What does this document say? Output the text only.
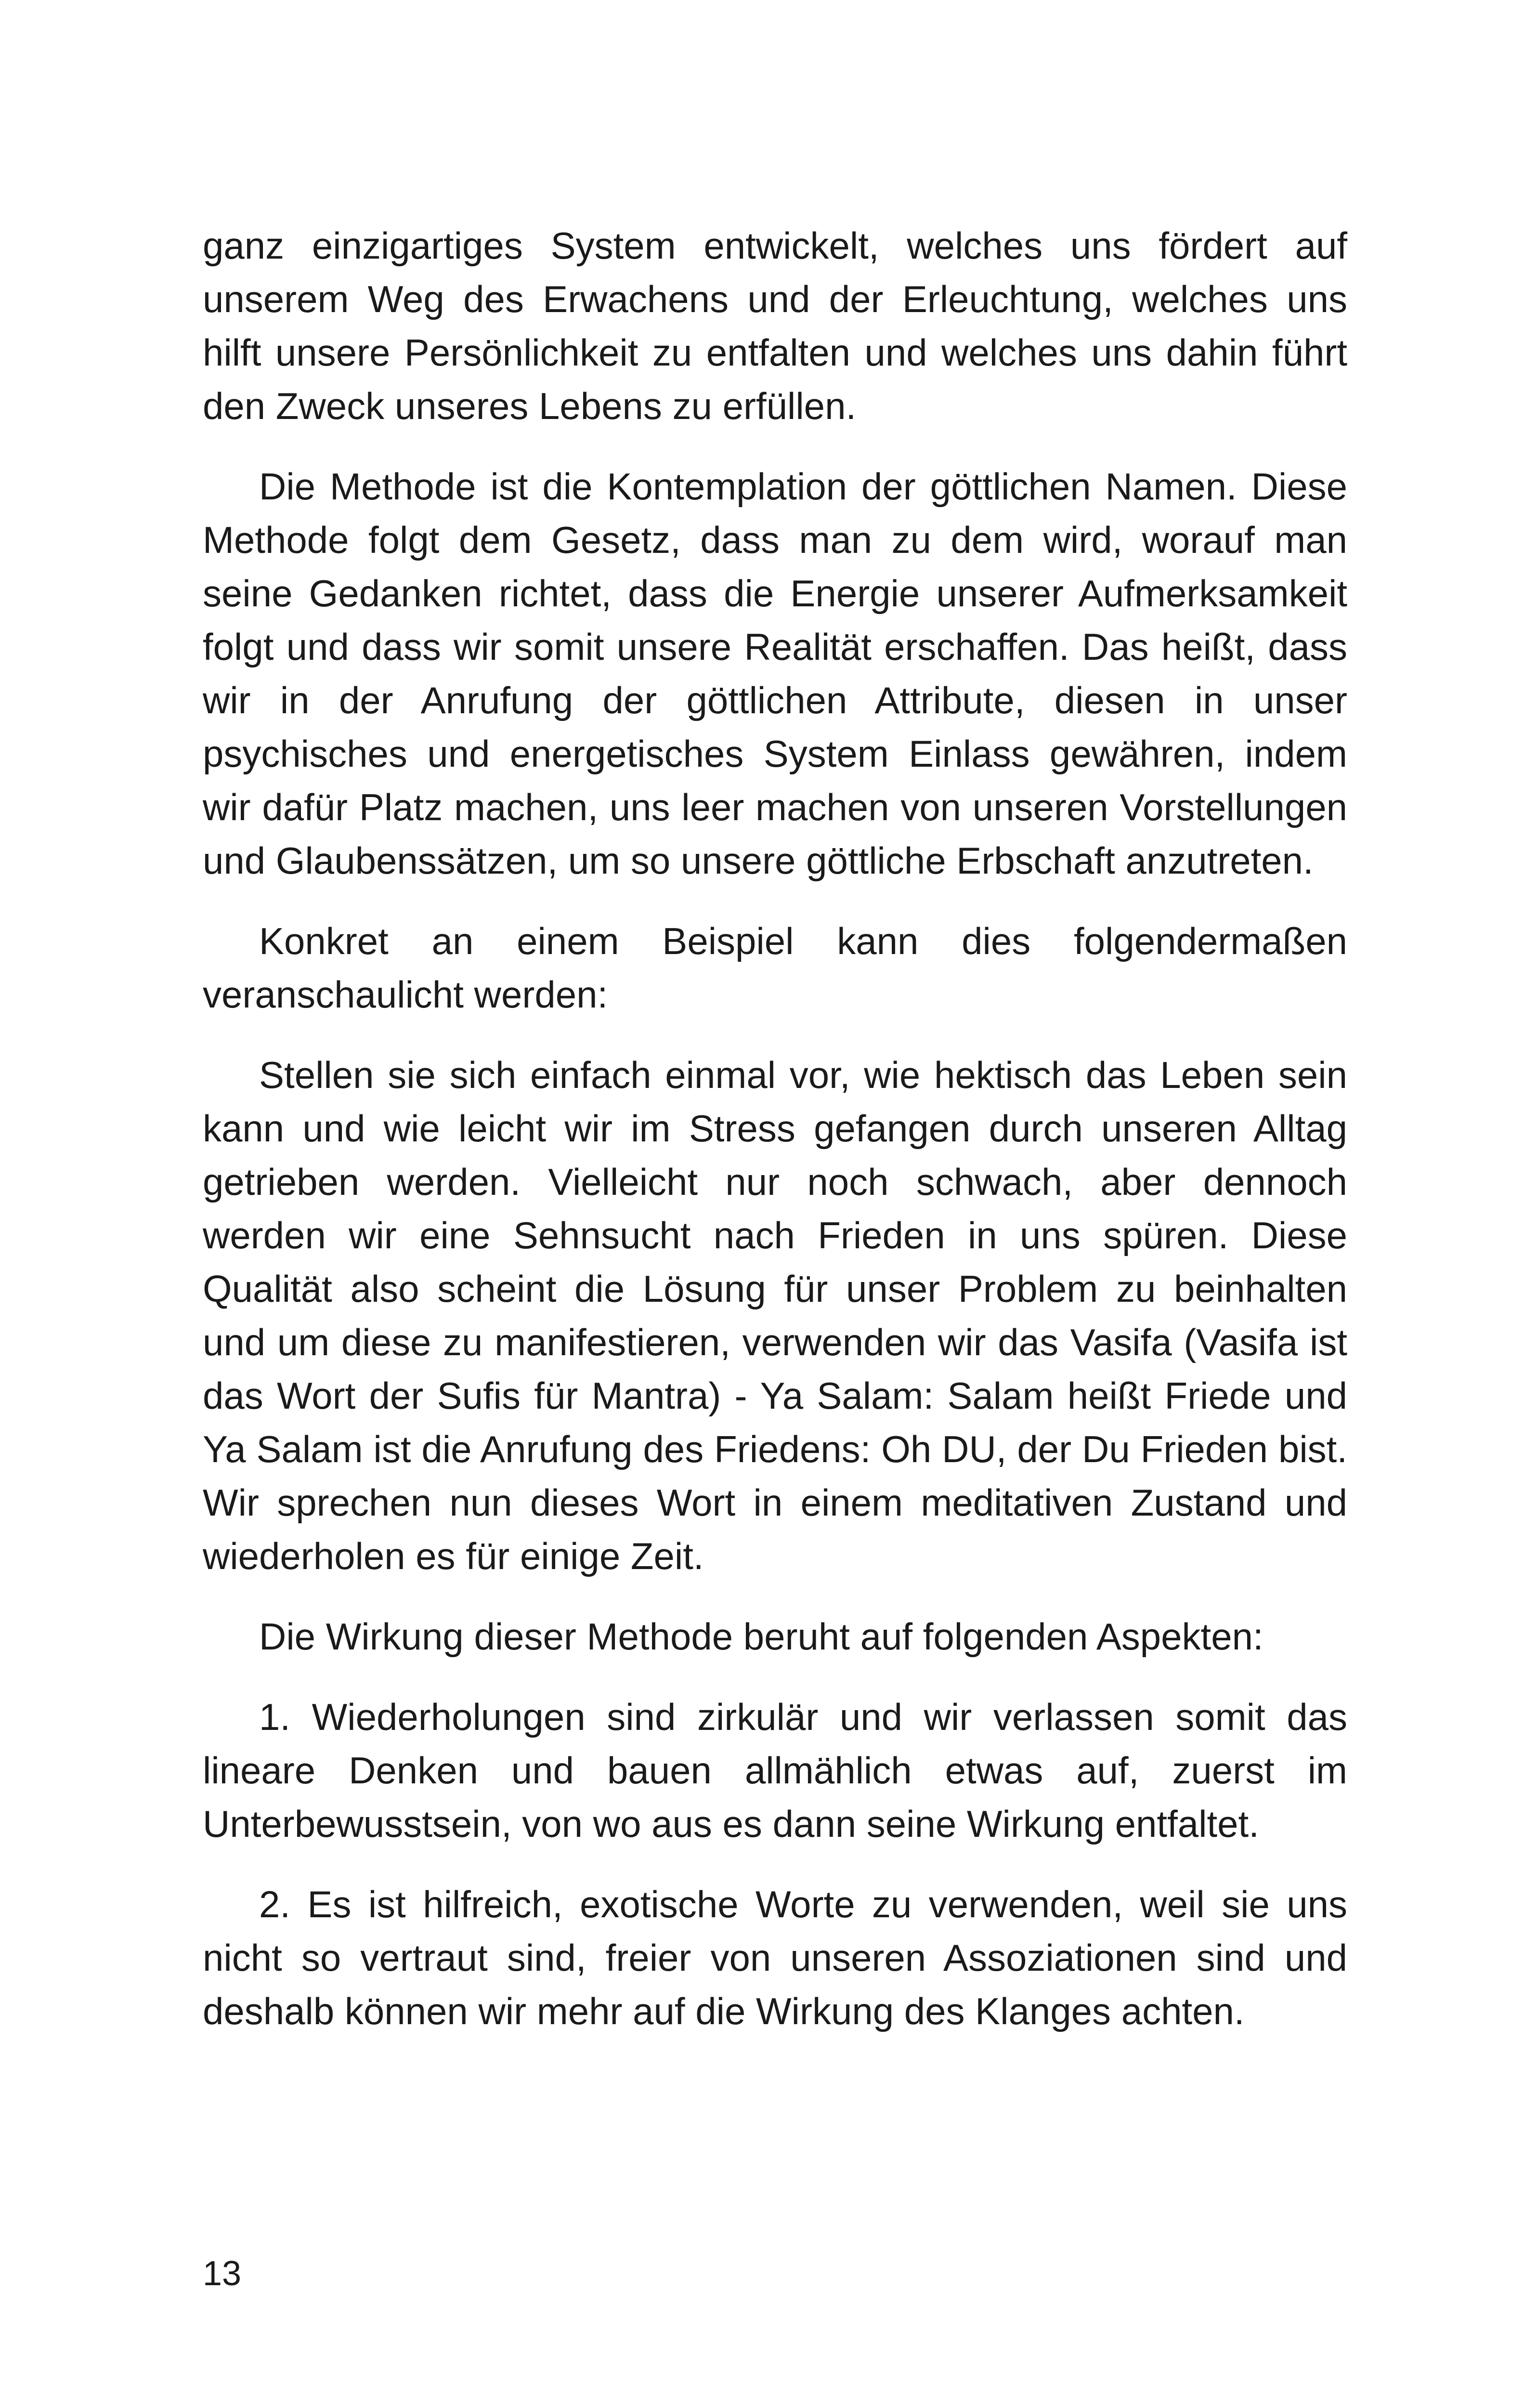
ganz einzigartiges System entwickelt, welches uns fördert auf unserem Weg des Erwachens und der Erleuchtung, welches uns hilft unsere Persönlichkeit zu entfalten und welches uns dahin führt den Zweck unseres Lebens zu erfüllen.

Die Methode ist die Kontemplation der göttlichen Namen. Diese Methode folgt dem Gesetz, dass man zu dem wird, worauf man seine Gedanken richtet, dass die Energie unserer Aufmerksamkeit folgt und dass wir somit unsere Realität erschaffen. Das heißt, dass wir in der Anrufung der göttlichen Attribute, diesen in unser psychisches und energetisches System Einlass gewähren, indem wir dafür Platz machen, uns leer machen von unseren Vorstellungen und Glaubenssätzen, um so unsere göttliche Erbschaft anzutreten.

Konkret an einem Beispiel kann dies folgendermaßen veranschaulicht werden:

Stellen sie sich einfach einmal vor, wie hektisch das Leben sein kann und wie leicht wir im Stress gefangen durch unseren Alltag getrieben werden. Vielleicht nur noch schwach, aber dennoch werden wir eine Sehnsucht nach Frieden in uns spüren. Diese Qualität also scheint die Lösung für unser Problem zu beinhalten und um diese zu manifestieren, verwenden wir das Vasifa (Vasifa ist das Wort der Sufis für Mantra) - Ya Salam: Salam heißt Friede und Ya Salam ist die Anrufung des Friedens: Oh DU, der Du Frieden bist. Wir sprechen nun dieses Wort in einem meditativen Zustand und wiederholen es für einige Zeit.

Die Wirkung dieser Methode beruht auf folgenden Aspekten:

1. Wiederholungen sind zirkulär und wir verlassen somit das lineare Denken und bauen allmählich etwas auf, zuerst im Unterbewusstsein, von wo aus es dann seine Wirkung entfaltet.

2. Es ist hilfreich, exotische Worte zu verwenden, weil sie uns nicht so vertraut sind, freier von unseren Assoziationen sind und deshalb können wir mehr auf die Wirkung des Klanges achten.

13
